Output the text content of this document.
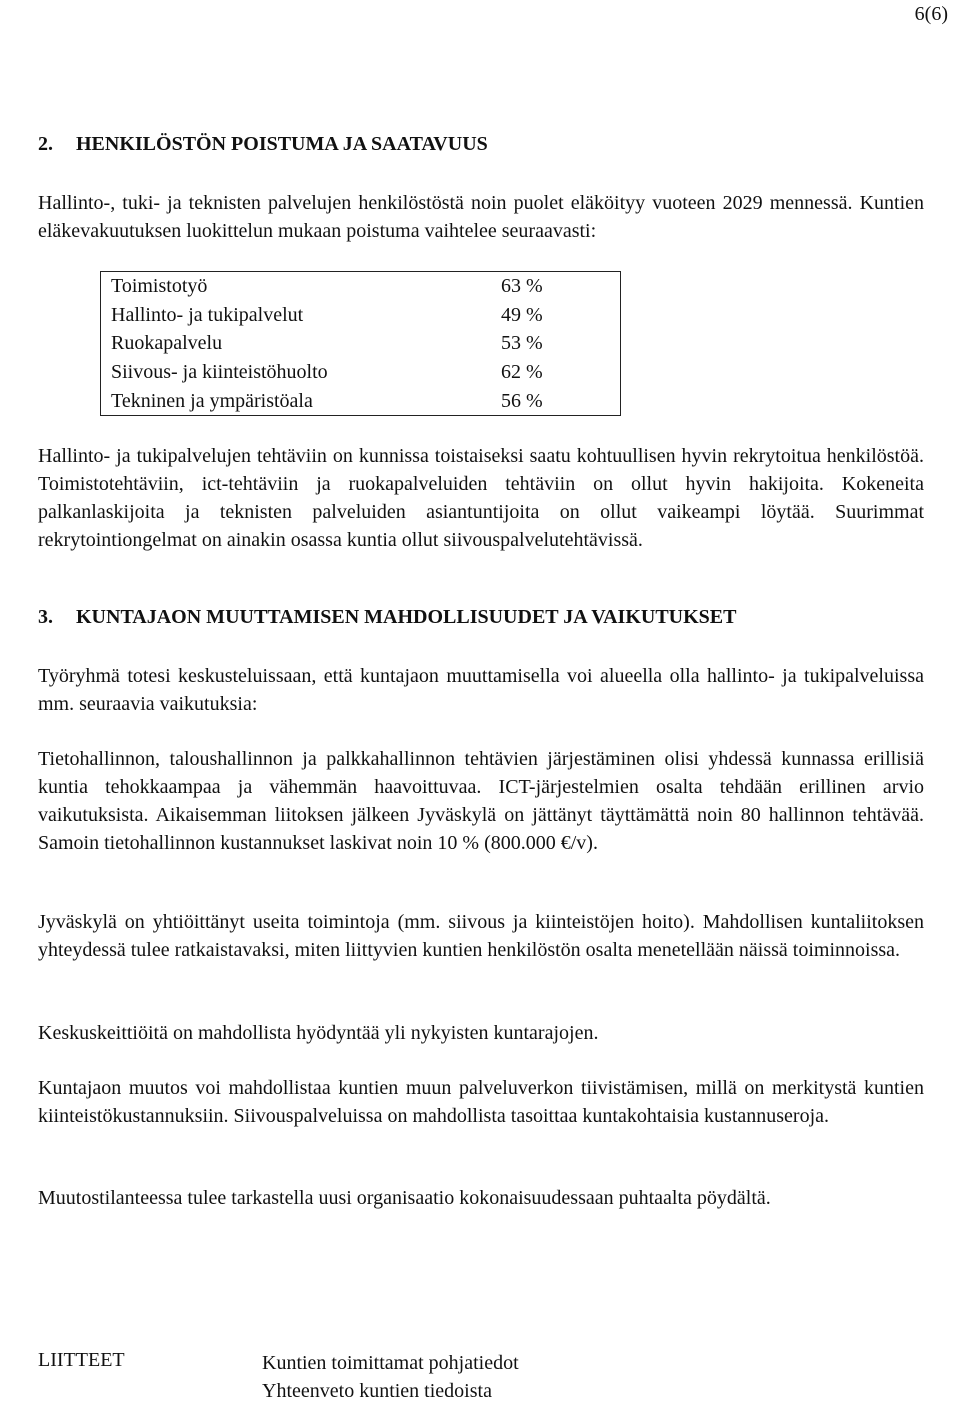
6(6)
2. HENKILÖSTÖN POISTUMA JA SAATAVUUS

Hallinto-, tuki- ja teknisten palvelujen henkilöstöstä noin puolet eläköityy vuoteen 2029 mennessä. Kuntien eläkevakuutuksen luokittelun mukaan poistuma vaihtelee seuraavasti:

Toimistotyö	63 %
Hallinto- ja tukipalvelut	49 %
Ruokapalvelu	53 %
Siivous- ja kiinteistöhuolto	62 %
Tekninen ja ympäristöala	56 %

Hallinto- ja tukipalvelujen tehtäviin on kunnissa toistaiseksi saatu kohtuullisen hyvin rekrytoitua henkilöstöä. Toimistotehtäviin, ict-tehtäviin ja ruokapalveluiden tehtäviin on ollut hyvin hakijoita. Kokeneita palkanlaskijoita ja teknisten palveluiden asiantuntijoita on ollut vaikeampi löytää. Suurimmat rekrytointiongelmat on ainakin osassa kuntia ollut siivouspalvelutehtävissä.

3. KUNTAJAON MUUTTAMISEN MAHDOLLISUUDET JA VAIKUTUKSET

Työryhmä totesi keskusteluissaan, että kuntajaon muuttamisella voi alueella olla hallinto- ja tukipalveluissa mm. seuraavia vaikutuksia:

Tietohallinnon, taloushallinnon ja palkkahallinnon tehtävien järjestäminen olisi yhdessä kunnassa erillisiä kuntia tehokkaampaa ja vähemmän haavoittuvaa. ICT-järjestelmien osalta tehdään erillinen arvio vaikutuksista. Aikaisemman liitoksen jälkeen Jyväskylä on jättänyt täyttämättä noin 80 hallinnon tehtävää. Samoin tietohallinnon kustannukset laskivat noin 10 % (800.000 €/v).

Jyväskylä on yhtiöittänyt useita toimintoja (mm. siivous ja kiinteistöjen hoito). Mahdollisen kuntaliitoksen yhteydessä tulee ratkaistavaksi, miten liittyvien kuntien henkilöstön osalta menetellään näissä toiminnoissa.

Keskuskeittiöitä on mahdollista hyödyntää yli nykyisten kuntarajojen.

Kuntajaon muutos voi mahdollistaa kuntien muun palveluverkon tiivistämisen, millä on merkitystä kuntien kiinteistökustannuksiin. Siivouspalveluissa on mahdollista tasoittaa kuntakohtaisia kustannuseroja.

Muutostilanteessa tulee tarkastella uusi organisaatio kokonaisuudessaan puhtaalta pöydältä.

LIITTEET	Kuntien toimittamat pohjatiedot
Yhteenveto kuntien tiedoista
